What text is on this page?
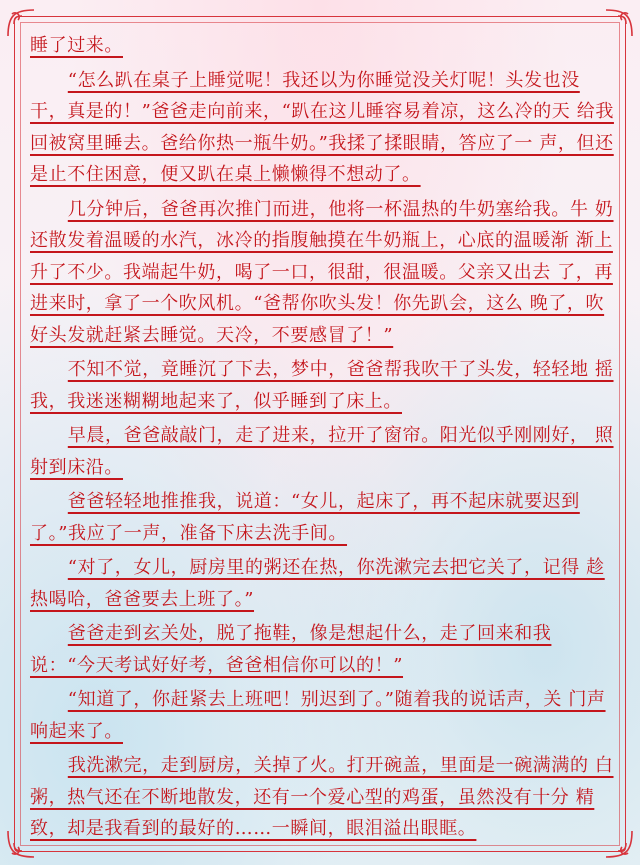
睡了过来。

“怎么趴在桌子上睡觉呢！我还以为你睡觉没关灯呢！头发也没 干，真是的！”爸爸走向前来，“趴在这儿睡容易着凉，这么冷的天 给我回被窝里睡去。爸给你热一瓶牛奶。”我揉了揉眼睛，答应了一 声，但还是止不住困意，便又趴在桌上懒懒得不想动了。

几分钟后，爸爸再次推门而进，他将一杯温热的牛奶塞给我。牛 奶还散发着温暖的水汽，冰冷的指腹触摸在牛奶瓶上，心底的温暖渐 渐上升了不少。我端起牛奶，喝了一口，很甜，很温暖。父亲又出去 了，再进来时，拿了一个吹风机。“爸帮你吹头发！你先趴会，这么 晚了，吹好头发就赶紧去睡觉。天冷，不要感冒了！”

不知不觉，竟睡沉了下去，梦中，爸爸帮我吹干了头发，轻轻地 摇我，我迷迷糊糊地起来了，似乎睡到了床上。

早晨，爸爸敲敲门，走了进来，拉开了窗帘。阳光似乎刚刚好， 照射到床沿。

爸爸轻轻地推推我，说道：“女儿，起床了，再不起床就要迟到 了。”我应了一声，准备下床去洗手间。

“对了，女儿，厨房里的粥还在热，你洗漱完去把它关了，记得 趁热喝哈，爸爸要去上班了。”

爸爸走到玄关处，脱了拖鞋，像是想起什么，走了回来和我说：“今天考试好好考，爸爸相信你可以的！”

“知道了，你赶紧去上班吧！别迟到了。”随着我的说话声，关 门声响起来了。

我洗漱完，走到厨房，关掉了火。打开碗盖，里面是一碗满满的 白粥，热气还在不断地散发，还有一个爱心型的鸡蛋，虽然没有十分 精致，却是我看到的最好的……一瞬间，眼泪溢出眼眶。
